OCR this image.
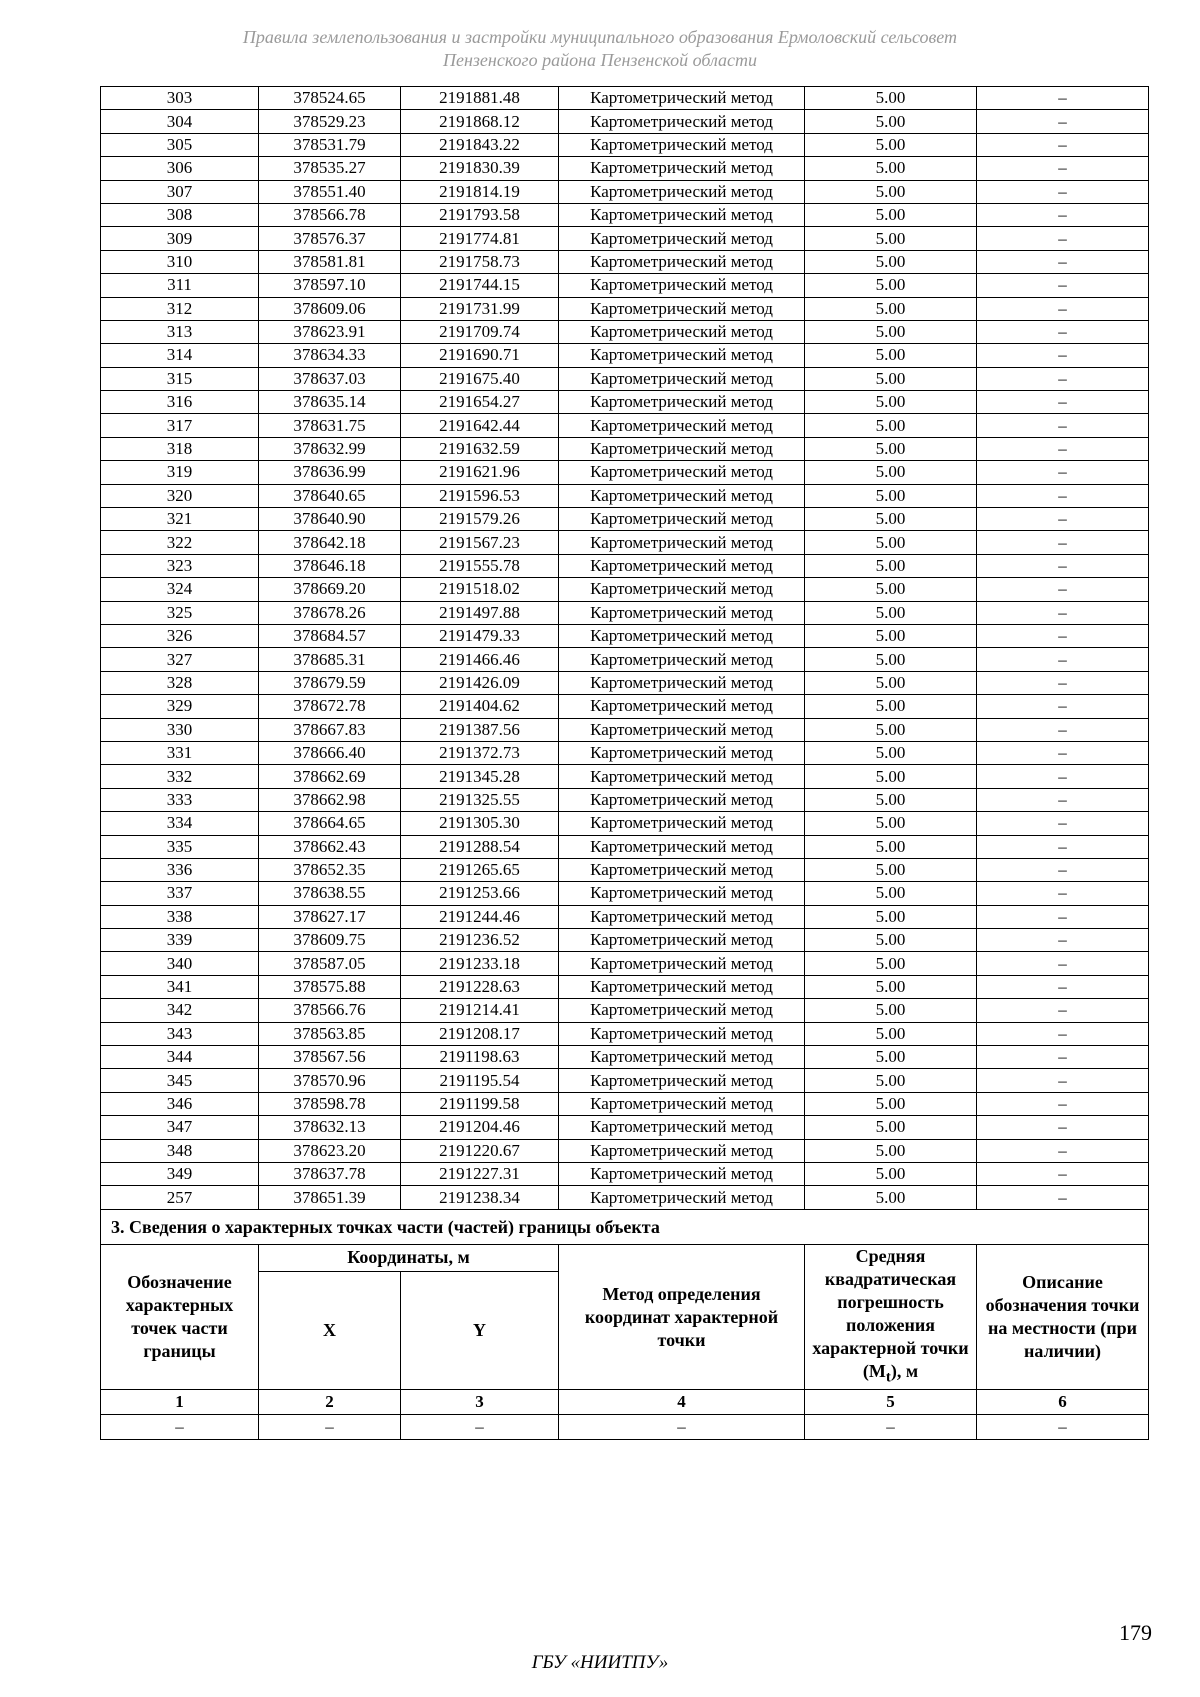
Правила землепользования и застройки муниципального образования Ермоловский сельсовет
Пензенского района Пензенской области
303	378524.65	2191881.48	Картометрический метод	5.00	–
304	378529.23	2191868.12	Картометрический метод	5.00	–
305	378531.79	2191843.22	Картометрический метод	5.00	–
306	378535.27	2191830.39	Картометрический метод	5.00	–
307	378551.40	2191814.19	Картометрический метод	5.00	–
308	378566.78	2191793.58	Картометрический метод	5.00	–
309	378576.37	2191774.81	Картометрический метод	5.00	–
310	378581.81	2191758.73	Картометрический метод	5.00	–
311	378597.10	2191744.15	Картометрический метод	5.00	–
312	378609.06	2191731.99	Картометрический метод	5.00	–
313	378623.91	2191709.74	Картометрический метод	5.00	–
314	378634.33	2191690.71	Картометрический метод	5.00	–
315	378637.03	2191675.40	Картометрический метод	5.00	–
316	378635.14	2191654.27	Картометрический метод	5.00	–
317	378631.75	2191642.44	Картометрический метод	5.00	–
318	378632.99	2191632.59	Картометрический метод	5.00	–
319	378636.99	2191621.96	Картометрический метод	5.00	–
320	378640.65	2191596.53	Картометрический метод	5.00	–
321	378640.90	2191579.26	Картометрический метод	5.00	–
322	378642.18	2191567.23	Картометрический метод	5.00	–
323	378646.18	2191555.78	Картометрический метод	5.00	–
324	378669.20	2191518.02	Картометрический метод	5.00	–
325	378678.26	2191497.88	Картометрический метод	5.00	–
326	378684.57	2191479.33	Картометрический метод	5.00	–
327	378685.31	2191466.46	Картометрический метод	5.00	–
328	378679.59	2191426.09	Картометрический метод	5.00	–
329	378672.78	2191404.62	Картометрический метод	5.00	–
330	378667.83	2191387.56	Картометрический метод	5.00	–
331	378666.40	2191372.73	Картометрический метод	5.00	–
332	378662.69	2191345.28	Картометрический метод	5.00	–
333	378662.98	2191325.55	Картометрический метод	5.00	–
334	378664.65	2191305.30	Картометрический метод	5.00	–
335	378662.43	2191288.54	Картометрический метод	5.00	–
336	378652.35	2191265.65	Картометрический метод	5.00	–
337	378638.55	2191253.66	Картометрический метод	5.00	–
338	378627.17	2191244.46	Картометрический метод	5.00	–
339	378609.75	2191236.52	Картометрический метод	5.00	–
340	378587.05	2191233.18	Картометрический метод	5.00	–
341	378575.88	2191228.63	Картометрический метод	5.00	–
342	378566.76	2191214.41	Картометрический метод	5.00	–
343	378563.85	2191208.17	Картометрический метод	5.00	–
344	378567.56	2191198.63	Картометрический метод	5.00	–
345	378570.96	2191195.54	Картометрический метод	5.00	–
346	378598.78	2191199.58	Картометрический метод	5.00	–
347	378632.13	2191204.46	Картометрический метод	5.00	–
348	378623.20	2191220.67	Картометрический метод	5.00	–
349	378637.78	2191227.31	Картометрический метод	5.00	–
257	378651.39	2191238.34	Картометрический метод	5.00	–
3. Сведения о характерных точках части (частей) границы объекта					
Обозначение характерных точек части границы	Координаты, м		Метод определения координат характерной точки	Средняя квадратическая погрешность положения характерной точки $(M_t)$, м	Описание обозначения точки на местности (при наличии)
	X	Y			
1	2	3	4	5	6
–	–	–	–	–	–
179
ГБУ «НИИТПУ»
